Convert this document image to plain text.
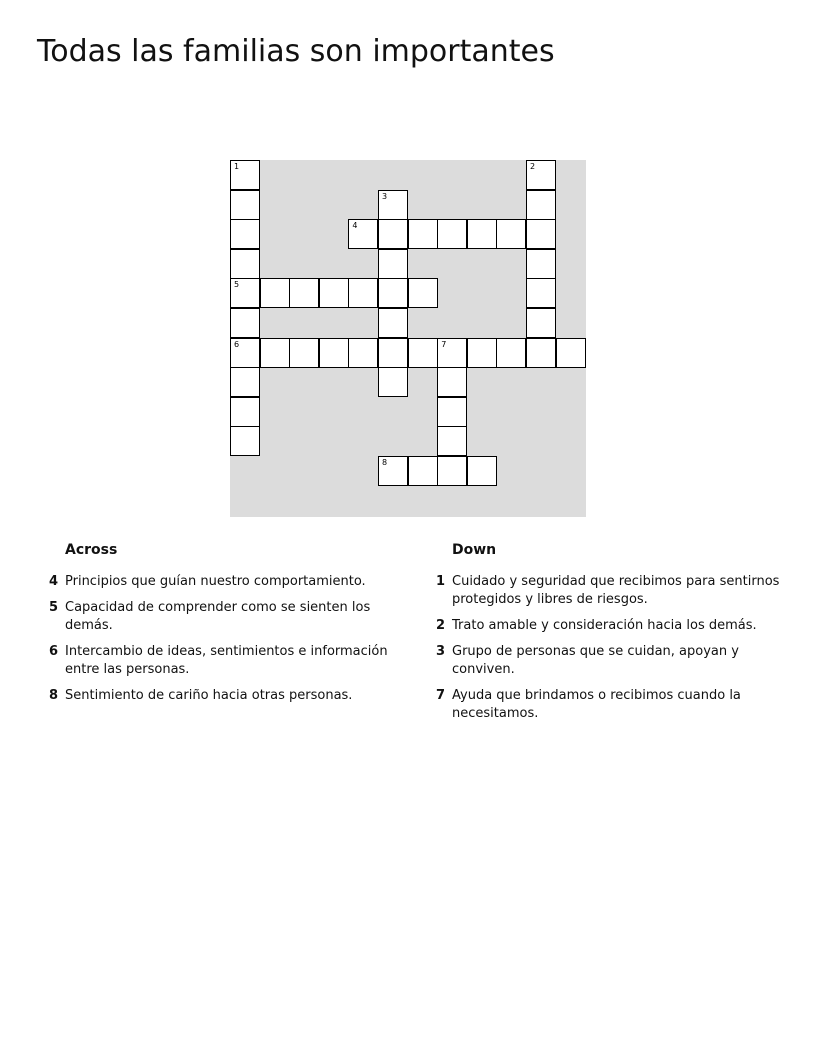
Todas las familias son importantes
1	2
3
4
5
6	7
8
Across
4 Principios que guían nuestro comportamiento.
5 Capacidad de comprender como se sienten los demás.
6 Intercambio de ideas, sentimientos e información entre las personas.
8 Sentimiento de cariño hacia otras personas.
Down
1 Cuidado y seguridad que recibimos para sentirnos protegidos y libres de riesgos.
2 Trato amable y consideración hacia los demás.
3 Grupo de personas que se cuidan, apoyan y conviven.
7 Ayuda que brindamos o recibimos cuando la necesitamos.
